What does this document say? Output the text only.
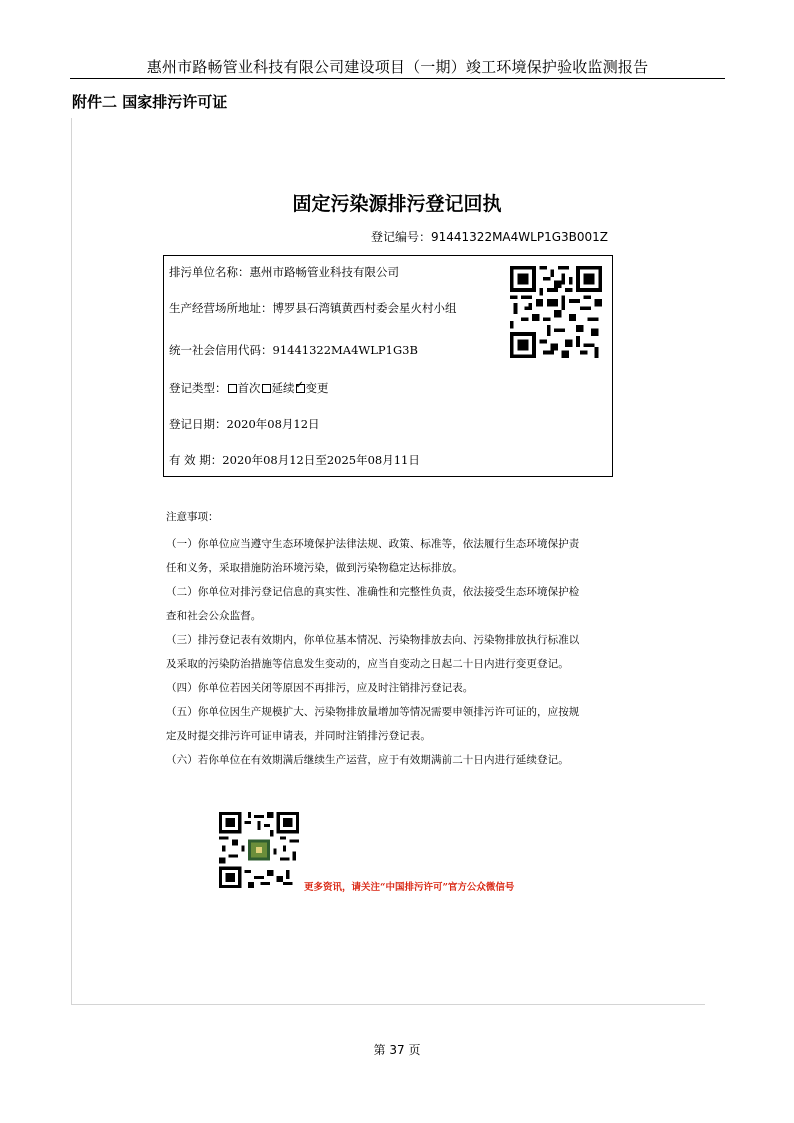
惠州市路畅管业科技有限公司建设项目（一期）竣工环境保护验收监测报告
附件二 国家排污许可证
固定污染源排污登记回执
登记编号：91441322MA4WLP1G3B001Z
排污单位名称：惠州市路畅管业科技有限公司
生产经营场所地址：博罗县石湾镇黄西村委会星火村小组
统一社会信用代码：91441322MA4WLP1G3B
登记类型： 首次 延续✓ 变更
登记日期：2020年08月12日
有 效 期：2020年08月12日至2025年08月11日
注意事项：

（一）你单位应当遵守生态环境保护法律法规、政策、标准等，依法履行生态环境保护责

任和义务，采取措施防治环境污染，做到污染物稳定达标排放。

（二）你单位对排污登记信息的真实性、准确性和完整性负责，依法接受生态环境保护检

查和社会公众监督。

（三）排污登记表有效期内，你单位基本情况、污染物排放去向、污染物排放执行标准以

及采取的污染防治措施等信息发生变动的，应当自变动之日起二十日内进行变更登记。

（四）你单位若因关闭等原因不再排污，应及时注销排污登记表。

（五）你单位因生产规模扩大、污染物排放量增加等情况需要申领排污许可证的，应按规

定及时提交排污许可证申请表，并同时注销排污登记表。

（六）若你单位在有效期满后继续生产运营，应于有效期满前二十日内进行延续登记。

更多资讯，请关注“中国排污许可”官方公众微信号
第 37 页
